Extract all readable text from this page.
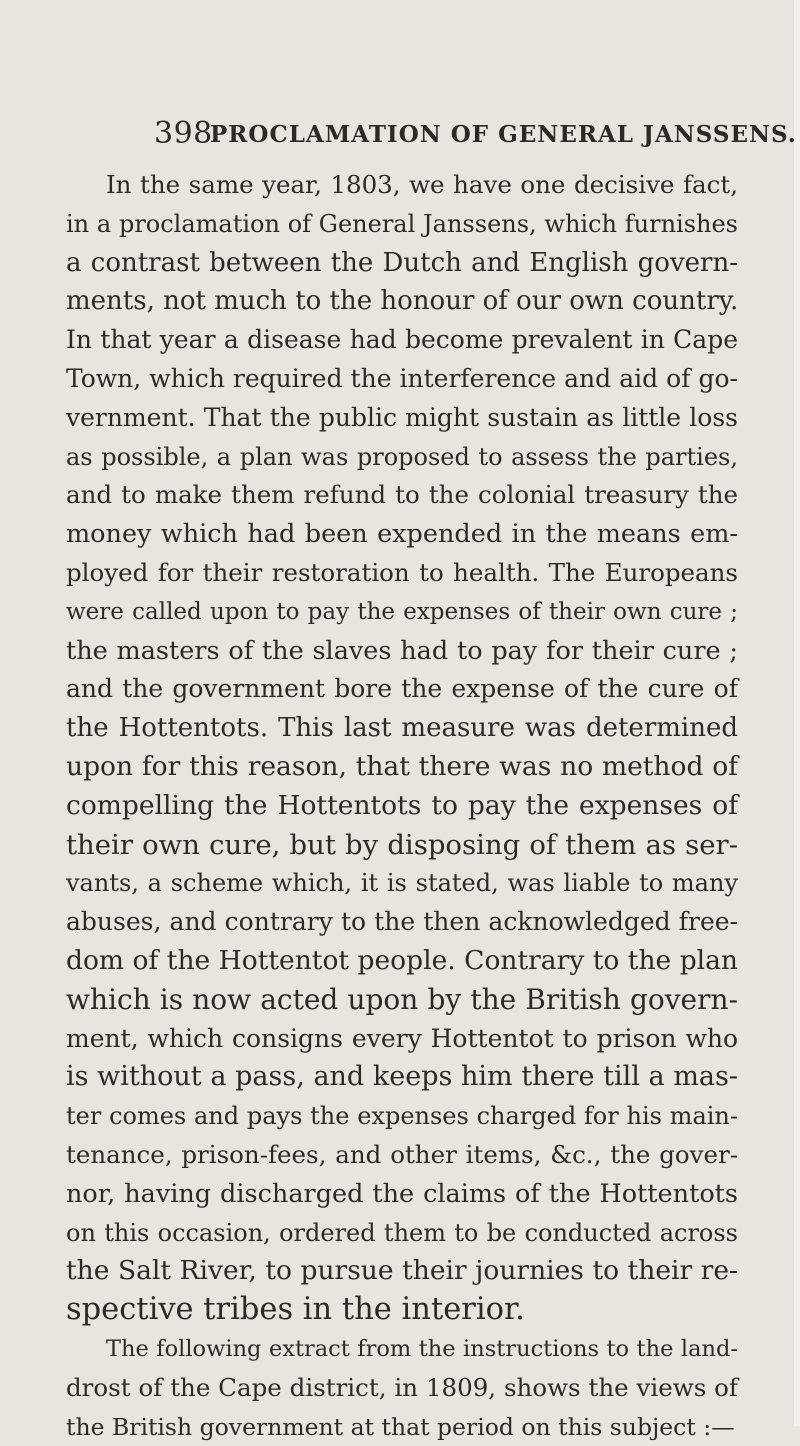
398
PROCLAMATION OF GENERAL JANSSENS.
In the same year, 1803, we have one decisive fact,
in a proclamation of General Janssens, which furnishes
a contrast between the Dutch and English govern-
ments, not much to the honour of our own country.
In that year a disease had become prevalent in Cape
Town, which required the interference and aid of go-
vernment. That the public might sustain as little loss
as possible, a plan was proposed to assess the parties,
and to make them refund to the colonial treasury the
money which had been expended in the means em-
ployed for their restoration to health. The Europeans
were called upon to pay the expenses of their own cure ;
the masters of the slaves had to pay for their cure ;
and the government bore the expense of the cure of
the Hottentots. This last measure was determined
upon for this reason, that there was no method of
compelling the Hottentots to pay the expenses of
their own cure, but by disposing of them as ser-
vants, a scheme which, it is stated, was liable to many
abuses, and contrary to the then acknowledged free-
dom of the Hottentot people. Contrary to the plan
which is now acted upon by the British govern-
ment, which consigns every Hottentot to prison who
is without a pass, and keeps him there till a mas-
ter comes and pays the expenses charged for his main-
tenance, prison-fees, and other items, &c., the gover-
nor, having discharged the claims of the Hottentots
on this occasion, ordered them to be conducted across
the Salt River, to pursue their journies to their re-
spective tribes in the interior.
The following extract from the instructions to the land-
drost of the Cape district, in 1809, shows the views of
the British government at that period on this subject :—
